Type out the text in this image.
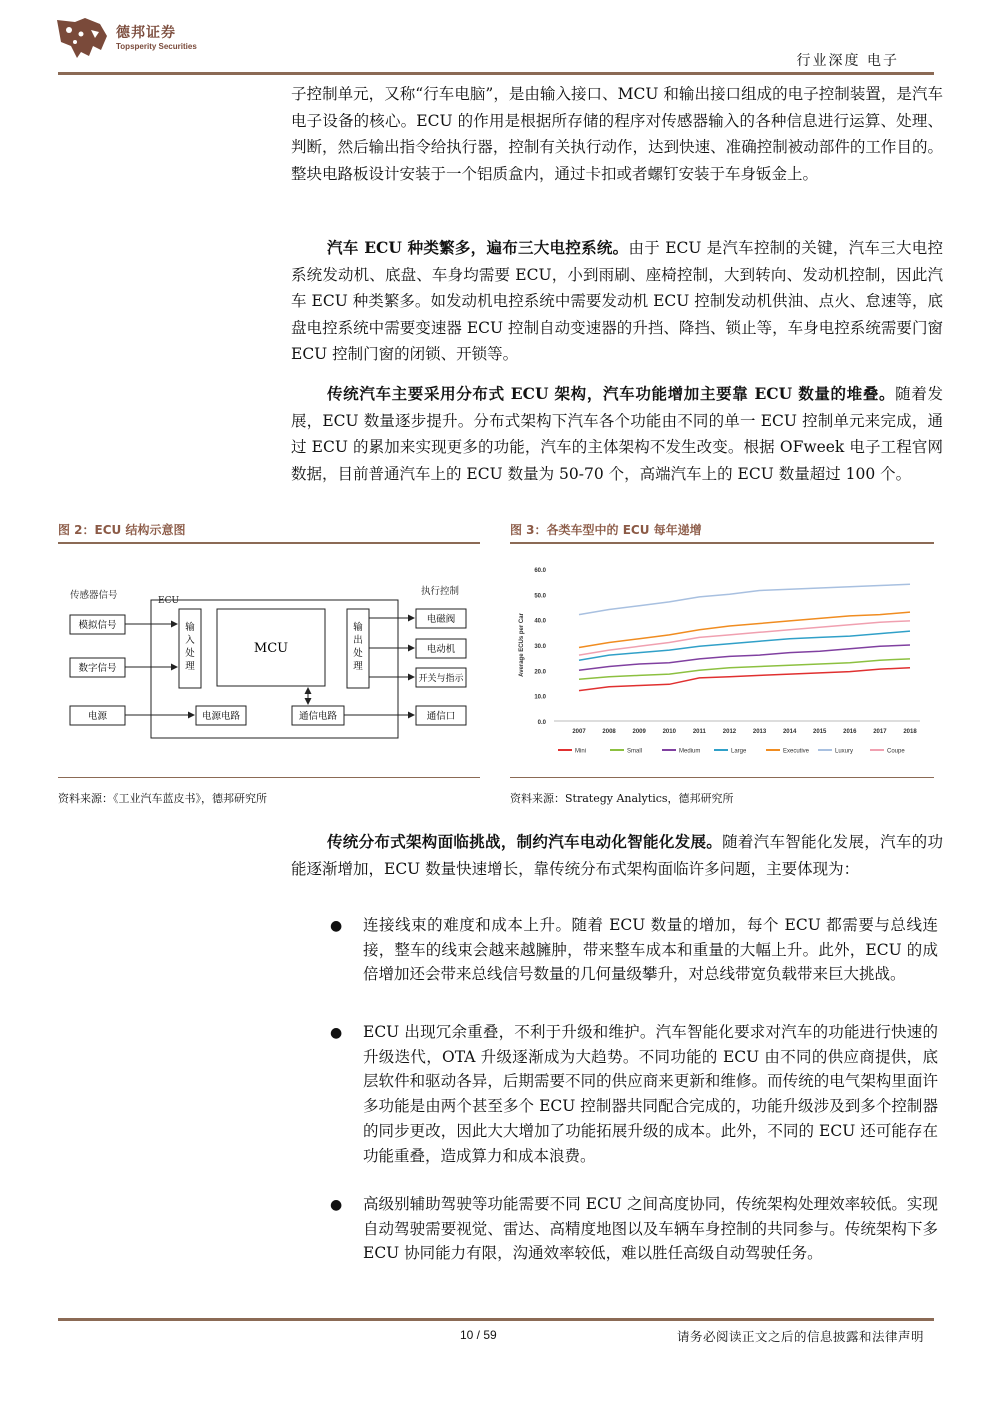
德邦证券
Topsperity Securities
行业深度 电子

子控制单元，又称“行车电脑”，是由输入接口、MCU 和输出接口组成的电子控制装置，是汽车电子设备的核心。ECU 的作用是根据所存储的程序对传感器输入的各种信息进行运算、处理、判断，然后输出指令给执行器，控制有关执行动作，达到快速、准确控制被动部件的工作目的。整块电路板设计安装于一个铝质盒内，通过卡扣或者螺钉安装于车身钣金上。

汽车 ECU 种类繁多，遍布三大电控系统。由于 ECU 是汽车控制的关键，汽车三大电控系统发动机、底盘、车身均需要 ECU，小到雨刷、座椅控制，大到转向、发动机控制，因此汽车 ECU 种类繁多。如发动机电控系统中需要发动机 ECU 控制发动机供油、点火、怠速等，底盘电控系统中需要变速器 ECU 控制自动变速器的升挡、降挡、锁止等，车身电控系统需要门窗 ECU 控制门窗的闭锁、开锁等。

传统汽车主要采用分布式 ECU 架构，汽车功能增加主要靠 ECU 数量的堆叠。随着发展，ECU 数量逐步提升。分布式架构下汽车各个功能由不同的单一 ECU 控制单元来完成，通过 ECU 的累加来实现更多的功能，汽车的主体架构不发生改变。根据 OFweek 电子工程官网数据，目前普通汽车上的 ECU 数量为 50-70 个，高端汽车上的 ECU 数量超过 100 个。

图 2：ECU 结构示意图
传感器信号	ECU
执行控制
模拟信号
数字信号
电源
输入处理
MCU
输出处理
电源电路	通信电路
电磁阀
电动机
开关与指示
通信口
资料来源：《工业汽车蓝皮书》，德邦研究所
图 3：各类车型中的 ECU 每年递增
0.0
10.0
20.0
30.0
40.0
50.0
60.0
2007	2008	2009	2010	2011	2012	2013	2014	2015	2016	2017	2018
Average ECUs per Car
Mini	Small	Medium	Large	Executive	Luxury	Coupe
资料来源：Strategy Analytics，德邦研究所

传统分布式架构面临挑战，制约汽车电动化智能化发展。随着汽车智能化发展，汽车的功能逐渐增加，ECU 数量快速增长，靠传统分布式架构面临许多问题，主要体现为：

● 连接线束的难度和成本上升。随着 ECU 数量的增加，每个 ECU 都需要与总线连接，整车的线束会越来越臃肿，带来整车成本和重量的大幅上升。此外，ECU 的成倍增加还会带来总线信号数量的几何量级攀升，对总线带宽负载带来巨大挑战。

● ECU 出现冗余重叠，不利于升级和维护。汽车智能化要求对汽车的功能进行快速的升级迭代，OTA 升级逐渐成为大趋势。不同功能的 ECU 由不同的供应商提供，底层软件和驱动各异，后期需要不同的供应商来更新和维修。而传统的电气架构里面许多功能是由两个甚至多个 ECU 控制器共同配合完成的，功能升级涉及到多个控制器的同步更改，因此大大增加了功能拓展升级的成本。此外，不同的 ECU 还可能存在功能重叠，造成算力和成本浪费。

● 高级别辅助驾驶等功能需要不同 ECU 之间高度协同，传统架构处理效率较低。实现自动驾驶需要视觉、雷达、高精度地图以及车辆车身控制的共同参与。传统架构下多 ECU 协同能力有限，沟通效率较低，难以胜任高级自动驾驶任务。

10 / 59	请务必阅读正文之后的信息披露和法律声明
